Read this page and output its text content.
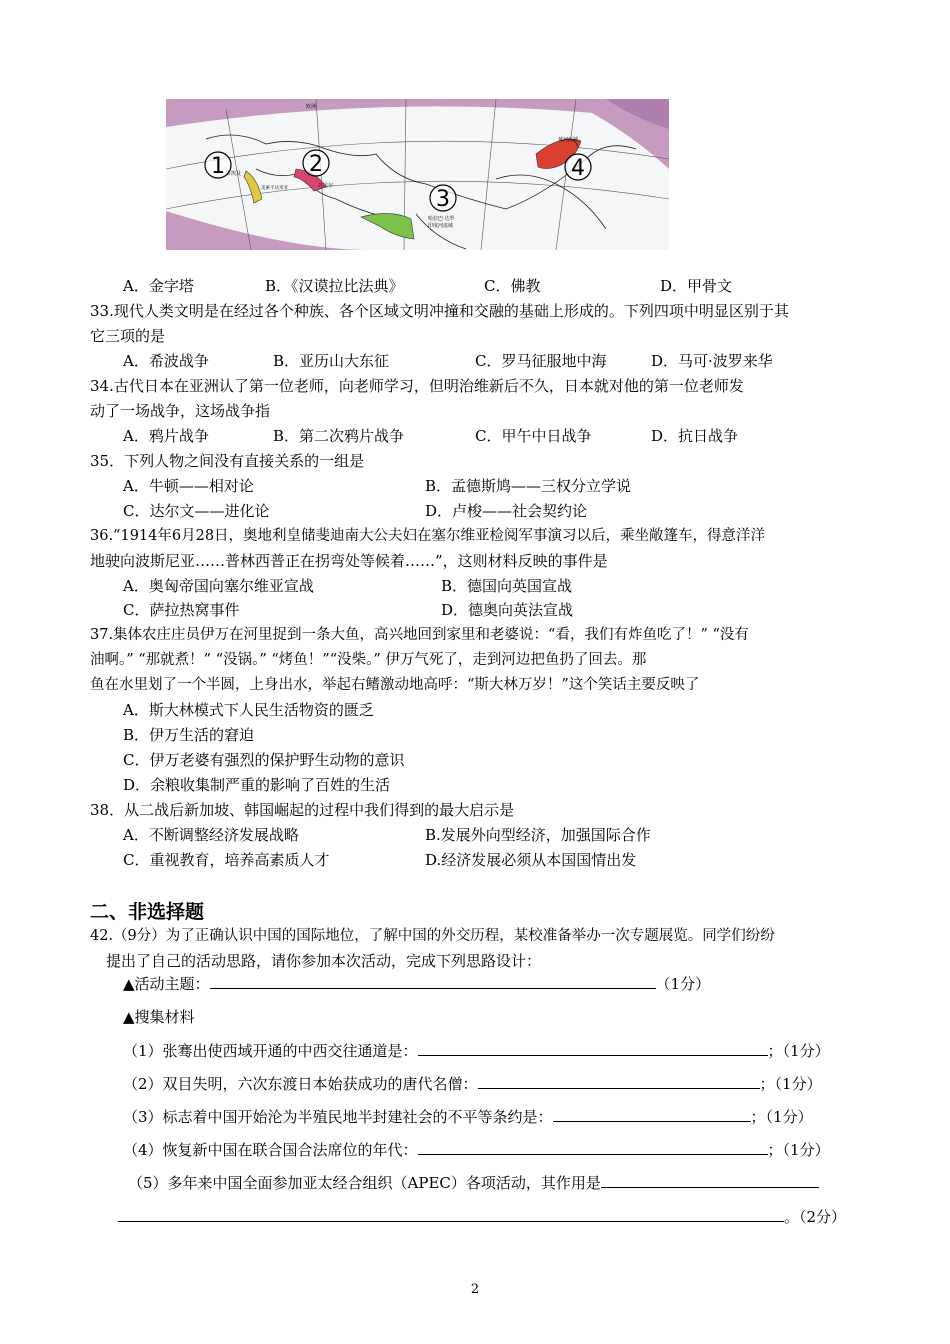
1	2
3
4
欧洲
古埃及
苏美尔
美索不达米亚
哈拉巴·达罗
印度河流域
黄河流域
A．金字塔	B．《汉谟拉比法典》	C．佛教	D．甲骨文
33.现代人类文明是在经过各个种族、各个区域文明冲撞和交融的基础上形成的。下列四项中明显区别于其
它三项的是
A．希波战争	B．亚历山大东征	C．罗马征服地中海	D．马可·波罗来华
34.古代日本在亚洲认了第一位老师，向老师学习，但明治维新后不久，日本就对他的第一位老师发
动了一场战争，这场战争指
A．鸦片战争	B．第二次鸦片战争	C．甲午中日战争	D．抗日战争
35．下列人物之间没有直接关系的一组是
A．牛顿——相对论	B．孟德斯鸠——三权分立学说
C．达尔文——进化论	D．卢梭——社会契约论
36.“1914年6月28日，奥地利皇储斐迪南大公夫妇在塞尔维亚检阅军事演习以后，乘坐敞篷车，得意洋洋
地驶向波斯尼亚……普林西普正在拐弯处等候着……”，这则材料反映的事件是
A．奥匈帝国向塞尔维亚宣战	B．德国向英国宣战
C．萨拉热窝事件	D．德奥向英法宣战
37.集体农庄庄员伊万在河里捉到一条大鱼，高兴地回到家里和老婆说：“看，我们有炸鱼吃了！” “没有
油啊。” “那就煮！” “没锅。” “烤鱼！”“没柴。” 伊万气死了，走到河边把鱼扔了回去。那
鱼在水里划了一个半圆，上身出水，举起右鳍激动地高呼：“斯大林万岁！”这个笑话主要反映了
A．斯大林模式下人民生活物资的匮乏
B．伊万生活的窘迫
C．伊万老婆有强烈的保护野生动物的意识
D．余粮收集制严重的影响了百姓的生活
38．从二战后新加坡、韩国崛起的过程中我们得到的最大启示是
A．不断调整经济发展战略	B.发展外向型经济，加强国际合作
C．重视教育，培养高素质人才	D.经济发展必须从本国国情出发
二、非选择题
42.（9分）为了正确认识中国的国际地位，了解中国的外交历程，某校准备举办一次专题展览。同学们纷纷
提出了自己的活动思路，请你参加本次活动，完成下列思路设计：
▲活动主题：	（1分）
▲搜集材料
（1）张骞出使西域开通的中西交往通道是：	；（1分）
（2）双目失明，六次东渡日本始获成功的唐代名僧：	；（1分）
（3）标志着中国开始沦为半殖民地半封建社会的不平等条约是：	；（1分）
（4）恢复新中国在联合国合法席位的年代：	；（1分）
（5）多年来中国全面参加亚太经合组织（APEC）各项活动，其作用是
。（2分）
2
